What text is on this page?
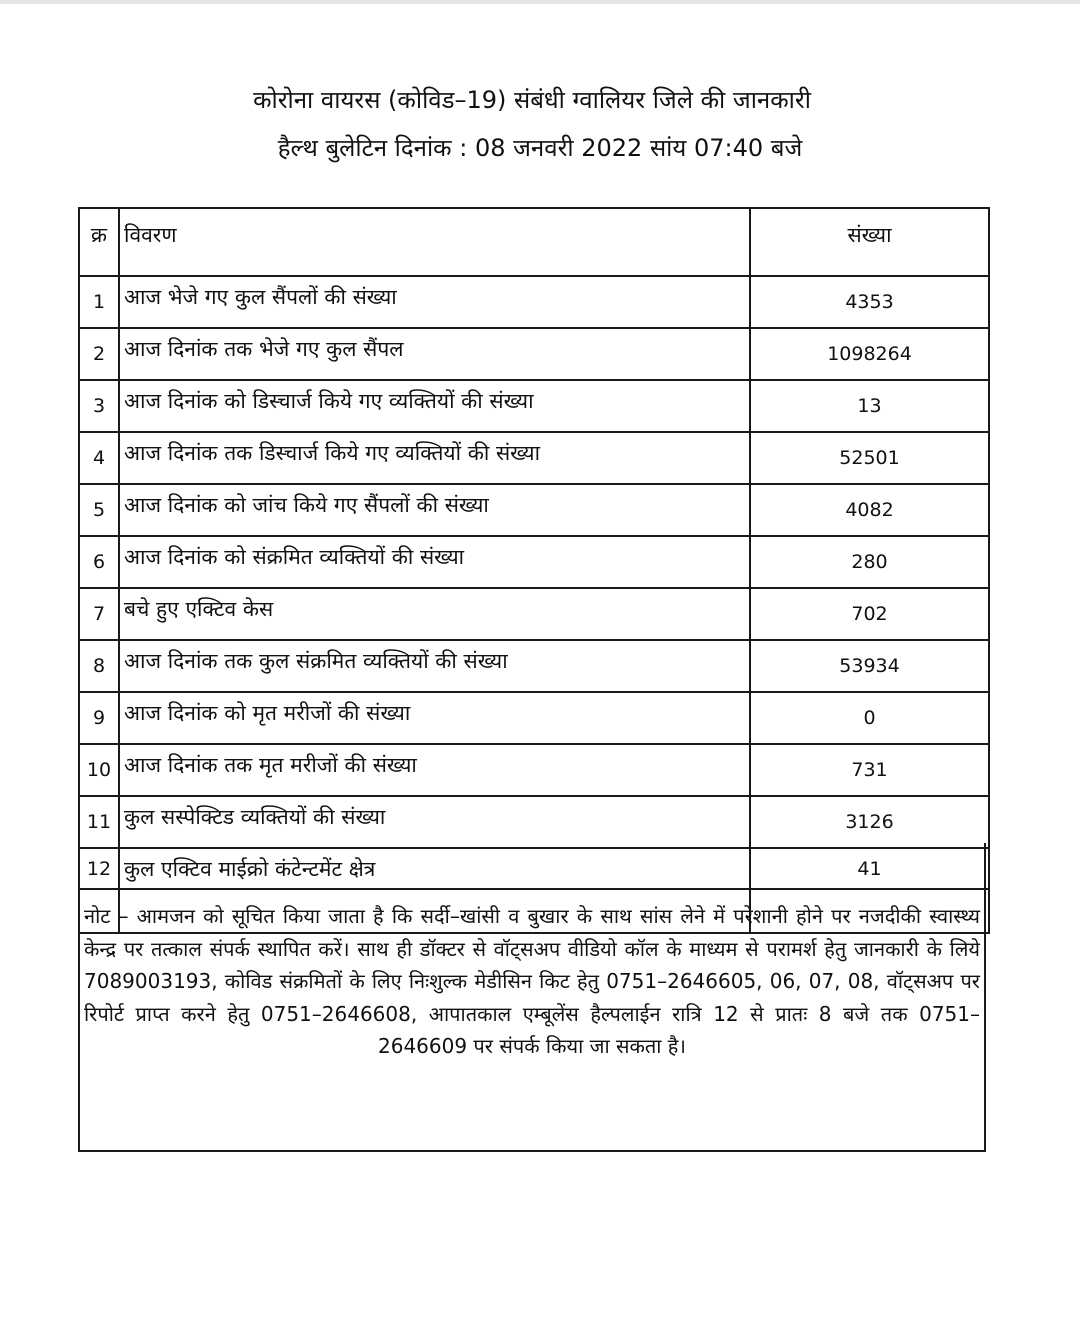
कोरोना वायरस (कोविड–19) संबंधी ग्वालियर जिले की जानकारी
हैल्थ बुलेटिन दिनांक : 08 जनवरी 2022 सांय 07:40 बजे
क्र	विवरण	संख्या
1	आज भेजे गए कुल सैंपलों की संख्या	4353
2	आज दिनांक तक भेजे गए कुल सैंपल	1098264
3	आज दिनांक को डिस्चार्ज किये गए व्यक्तियों की संख्या	13
4	आज दिनांक तक डिस्चार्ज किये गए व्यक्तियों की संख्या	52501
5	आज दिनांक को जांच किये गए सैंपलों की संख्या	4082
6	आज दिनांक को संक्रमित व्यक्तियों की संख्या	280
7	बचे हुए एक्टिव केस	702
8	आज दिनांक तक कुल संक्रमित व्यक्तियों की संख्या	53934
9	आज दिनांक को मृत मरीजों की संख्या	0
10	आज दिनांक तक मृत मरीजों की संख्या	731
11	कुल सस्पेक्टिड व्यक्तियों की संख्या	3126
12	कुल एक्टिव माईक्रो कंटेन्टमेंट क्षेत्र	41

नोट – आमजन को सूचित किया जाता है कि सर्दी–खांसी व बुखार के साथ सांस लेने में परेशानी होने पर नजदीकी स्वास्थ्य केन्द्र पर तत्काल संपर्क स्थापित करें। साथ ही डॉक्टर से वॉट्सअप वीडियो कॉल के माध्यम से परामर्श हेतु जानकारी के लिये 7089003193, कोविड संक्रमितों के लिए निःशुल्क मेडीसिन किट हेतु 0751–2646605, 06, 07, 08, वॉट्सअप पर रिपोर्ट प्राप्त करने हेतु 0751–2646608, आपातकाल एम्बूलेंस हैल्पलाईन रात्रि 12 से प्रातः 8 बजे तक 0751–2646609 पर संपर्क किया जा सकता है।
